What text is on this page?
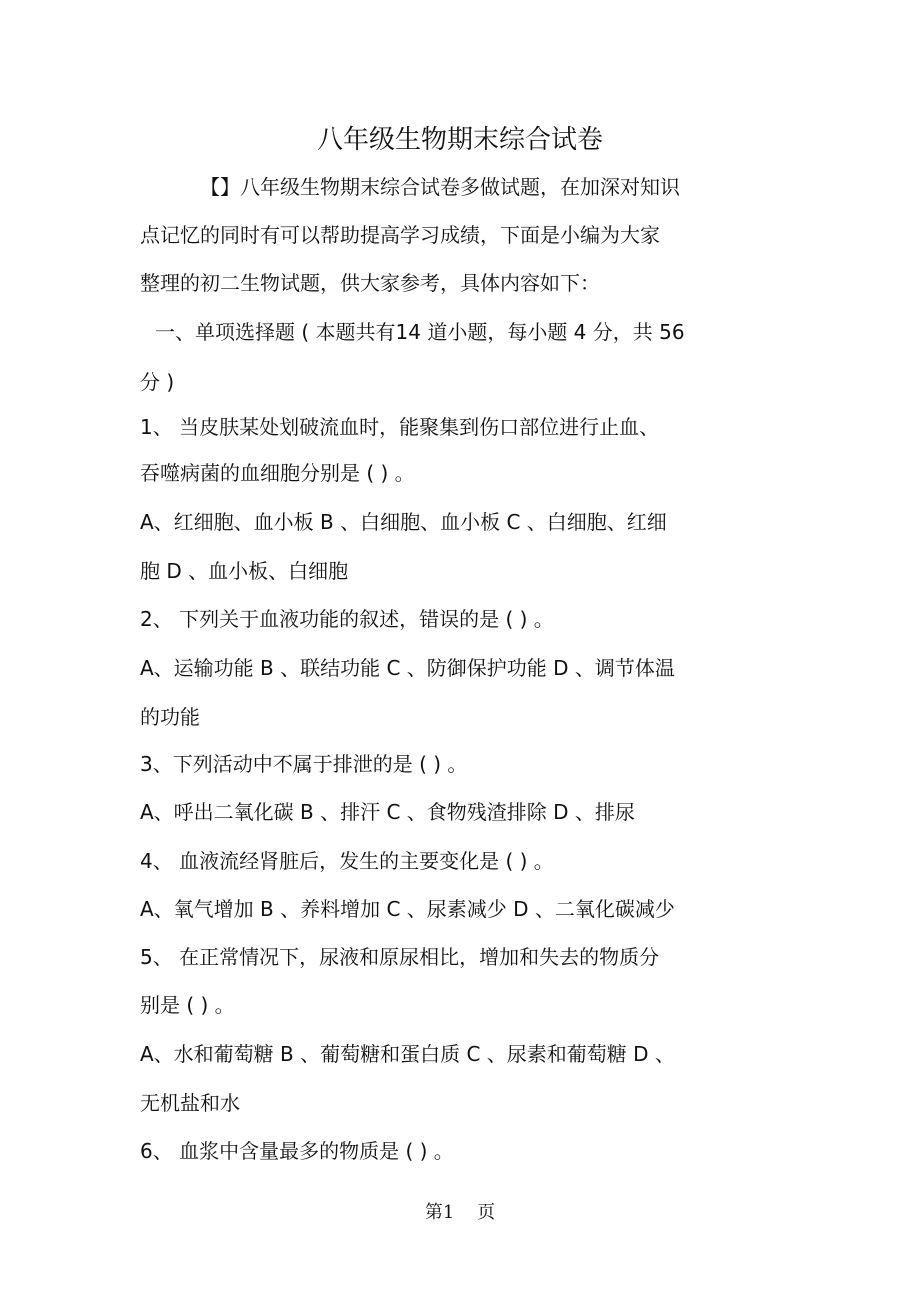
八年级生物期末综合试卷
【】八年级生物期末综合试卷多做试题，在加深对知识
点记忆的同时有可以帮助提高学习成绩，下面是小编为大家
整理的初二生物试题，供大家参考，具体内容如下：
一、单项选择题 ( 本题共有14 道小题，每小题 4 分，共 56
分 )
1、 当皮肤某处划破流血时，能聚集到伤口部位进行止血、
吞噬病菌的血细胞分别是 ( ) 。
A、红细胞、血小板 B 、白细胞、血小板 C 、白细胞、红细
胞 D 、血小板、白细胞
2、 下列关于血液功能的叙述，错误的是 ( ) 。
A、运输功能 B 、联结功能 C 、防御保护功能 D 、调节体温
的功能
3、下列活动中不属于排泄的是 ( ) 。
A、呼出二氧化碳 B 、排汗 C 、食物残渣排除 D 、排尿
4、 血液流经肾脏后，发生的主要变化是 ( ) 。
A、氧气增加 B 、养料增加 C 、尿素减少 D 、二氧化碳减少
5、 在正常情况下，尿液和原尿相比，增加和失去的物质分
别是 ( ) 。
A、水和葡萄糖 B 、葡萄糖和蛋白质 C 、尿素和葡萄糖 D 、
无机盐和水
6、 血浆中含量最多的物质是 ( ) 。
第1    页
